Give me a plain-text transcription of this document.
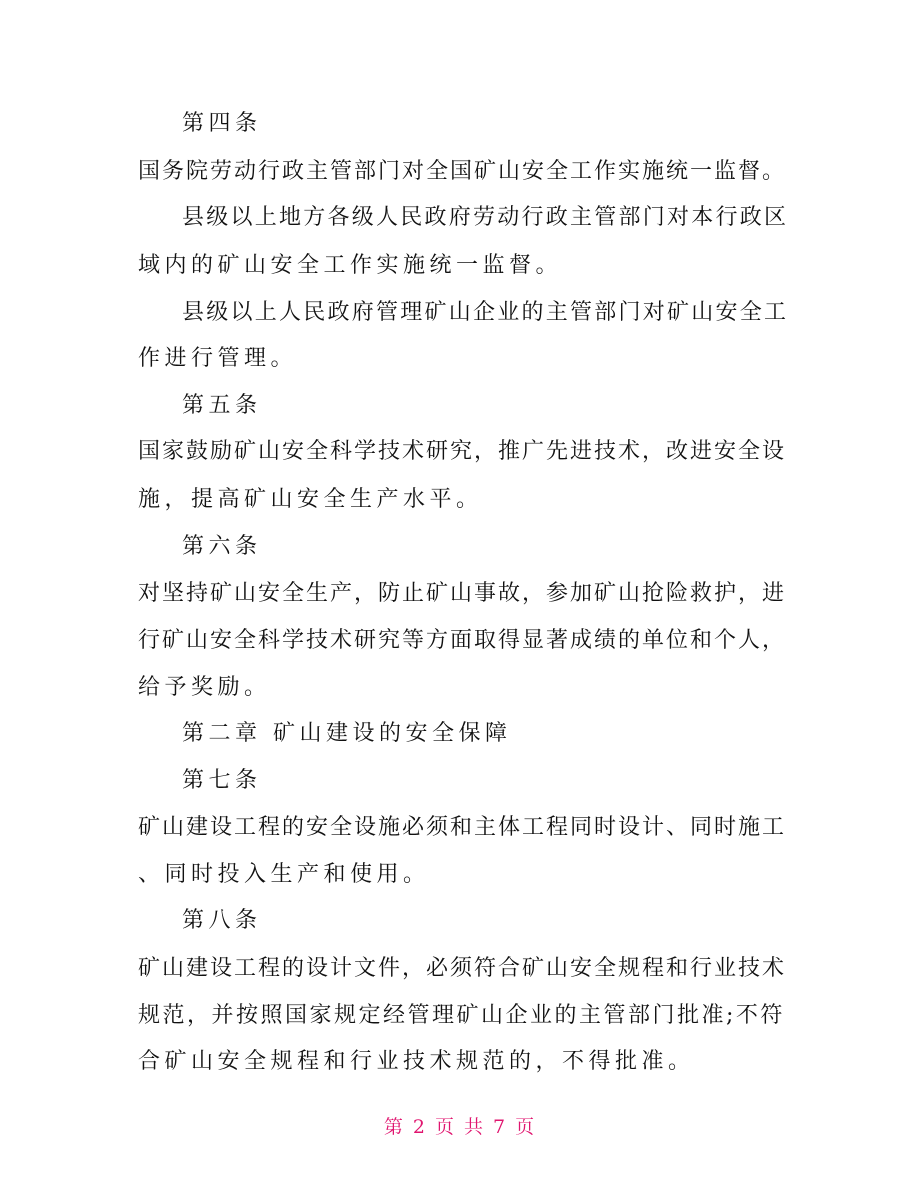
第四条
国务院劳动行政主管部门对全国矿山安全工作实施统一监督。
县级以上地方各级人民政府劳动行政主管部门对本行政区
域内的矿山安全工作实施统一监督。
县级以上人民政府管理矿山企业的主管部门对矿山安全工
作进行管理。
第五条
国家鼓励矿山安全科学技术研究，推广先进技术，改进安全设
施，提高矿山安全生产水平。
第六条
对坚持矿山安全生产，防止矿山事故，参加矿山抢险救护，进
行矿山安全科学技术研究等方面取得显著成绩的单位和个人，
给予奖励。
第二章 矿山建设的安全保障
第七条
矿山建设工程的安全设施必须和主体工程同时设计、同时施工
、同时投入生产和使用。
第八条
矿山建设工程的设计文件，必须符合矿山安全规程和行业技术
规范，并按照国家规定经管理矿山企业的主管部门批准;不符
合矿山安全规程和行业技术规范的，不得批准。
第 2 页 共 7 页
